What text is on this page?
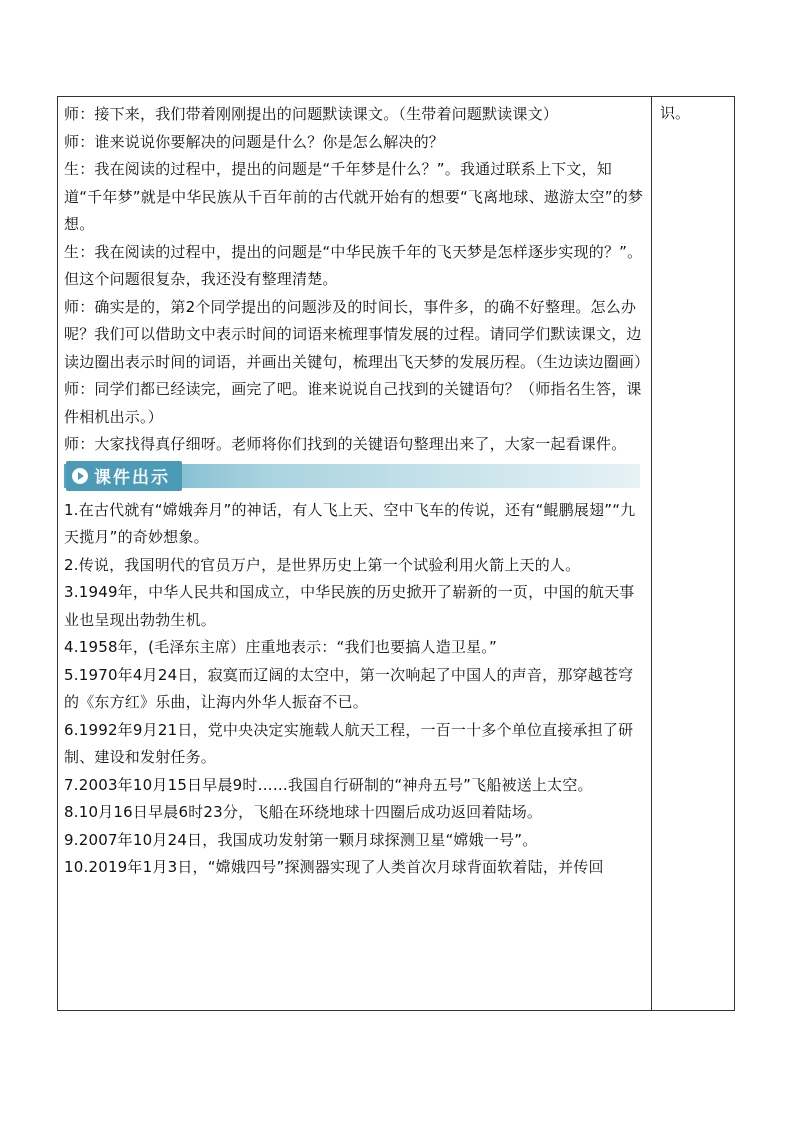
师：接下来，我们带着刚刚提出的问题默读课文。（生带着问题默读课文）

师：谁来说说你要解决的问题是什么？你是怎么解决的？

生：我在阅读的过程中，提出的问题是“千年梦是什么？”。我通过联系上下文，知道“千年梦”就是中华民族从千百年前的古代就开始有的想要“飞离地球、遨游太空”的梦想。

生：我在阅读的过程中，提出的问题是“中华民族千年的飞天梦是怎样逐步实现的？”。但这个问题很复杂，我还没有整理清楚。

师：确实是的，第2个同学提出的问题涉及的时间长，事件多，的确不好整理。怎么办呢？我们可以借助文中表示时间的词语来梳理事情发展的过程。请同学们默读课文，边读边圈出表示时间的词语，并画出关键句，梳理出飞天梦的发展历程。（生边读边圈画）

师：同学们都已经读完，画完了吧。谁来说说自己找到的关键语句？（师指名生答，课件相机出示。）

师：大家找得真仔细呀。老师将你们找到的关键语句整理出来了，大家一起看课件。

课件出示

1.在古代就有“嫦娥奔月”的神话，有人飞上天、空中飞车的传说，还有“鲲鹏展翅”“九天揽月”的奇妙想象。

2.传说，我国明代的官员万户，是世界历史上第一个试验利用火箭上天的人。

3.1949年，中华人民共和国成立，中华民族的历史掀开了崭新的一页，中国的航天事业也呈现出勃勃生机。

4.1958年，(毛泽东主席）庄重地表示：“我们也要搞人造卫星。”

5.1970年4月24日，寂寞而辽阔的太空中，第一次响起了中国人的声音，那穿越苍穹的《东方红》乐曲，让海内外华人振奋不已。

6.1992年9月21日，党中央决定实施载人航天工程，一百一十多个单位直接承担了研制、建设和发射任务。

7.2003年10月15日早晨9时……我国自行研制的“神舟五号”飞船被送上太空。

8.10月16日早晨6时23分，飞船在环绕地球十四圈后成功返回着陆场。

9.2007年10月24日，我国成功发射第一颗月球探测卫星“嫦娥一号”。

10.2019年1月3日，“嫦娥四号”探测器实现了人类首次月球背面软着陆，并传回

识。
